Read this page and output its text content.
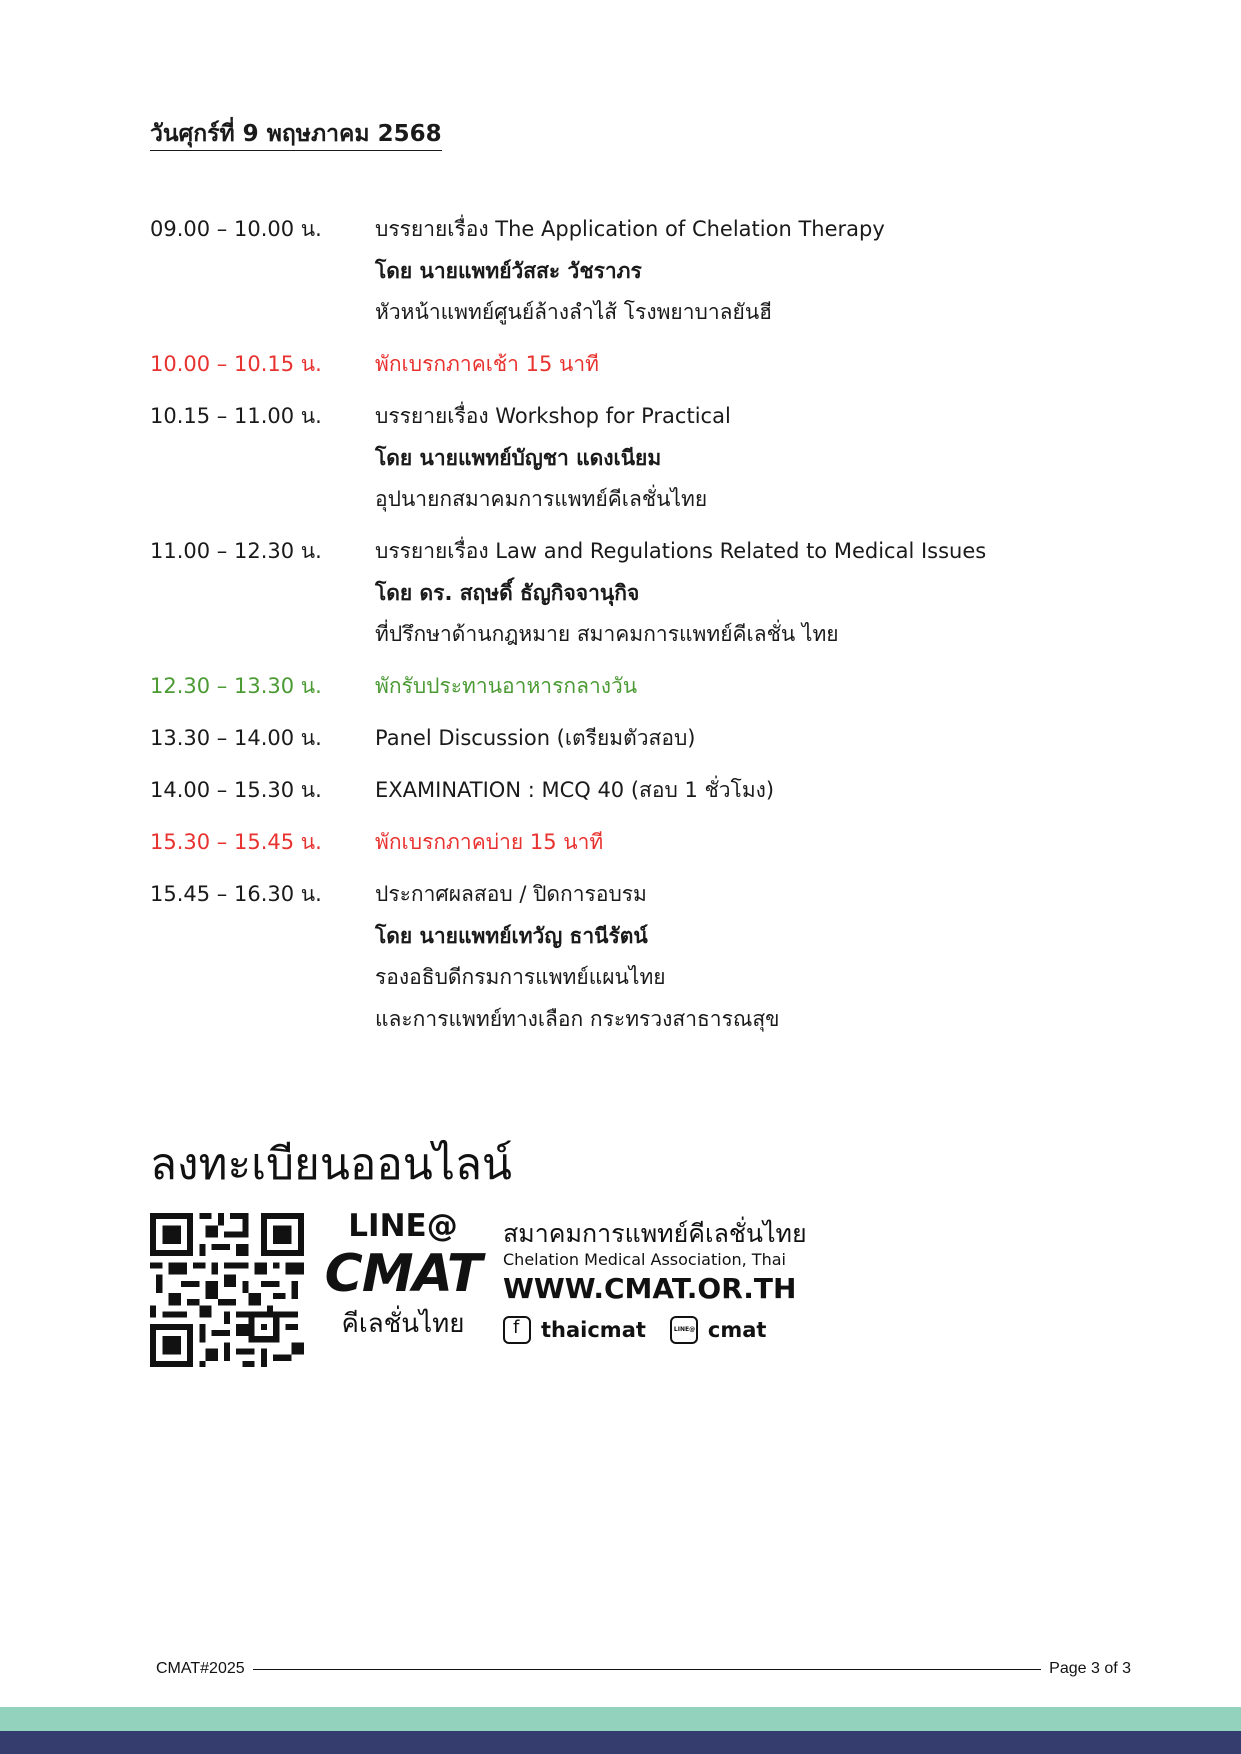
วันศุกร์ที่ 9 พฤษภาคม 2568
09.00 – 10.00 น.	บรรยายเรื่อง The Application of Chelation Therapy
โดย นายแพทย์วัสสะ วัชราภร
หัวหน้าแพทย์ศูนย์ล้างลำไส้ โรงพยาบาลยันฮี
10.00 – 10.15 น.	พักเบรกภาคเช้า 15 นาที
10.15 – 11.00 น.	บรรยายเรื่อง Workshop for Practical
โดย นายแพทย์บัญชา แดงเนียม
อุปนายกสมาคมการแพทย์คีเลชั่นไทย
11.00 – 12.30 น.	บรรยายเรื่อง Law and Regulations Related to Medical Issues
โดย ดร. สฤษดิ์ ธัญกิจจานุกิจ
ที่ปรึกษาด้านกฎหมาย สมาคมการแพทย์คีเลชั่น ไทย
12.30 – 13.30 น.	พักรับประทานอาหารกลางวัน
13.30 – 14.00 น.	Panel Discussion (เตรียมตัวสอบ)
14.00 – 15.30 น.	EXAMINATION : MCQ 40 (สอบ 1 ชั่วโมง)
15.30 – 15.45 น.	พักเบรกภาคบ่าย 15 นาที
15.45 – 16.30 น.	ประกาศผลสอบ / ปิดการอบรม
โดย นายแพทย์เทวัญ ธานีรัตน์
รองอธิบดีกรมการแพทย์แผนไทย
และการแพทย์ทางเลือก กระทรวงสาธารณสุข
ลงทะเบียนออนไลน์
LINE@
CMAT
คีเลชั่นไทย
สมาคมการแพทย์คีเลชั่นไทย
Chelation Medical Association, Thai
WWW.CMAT.OR.TH
f
thaicmat
LINE@	cmat
CMAT#2025	Page 3 of 3
